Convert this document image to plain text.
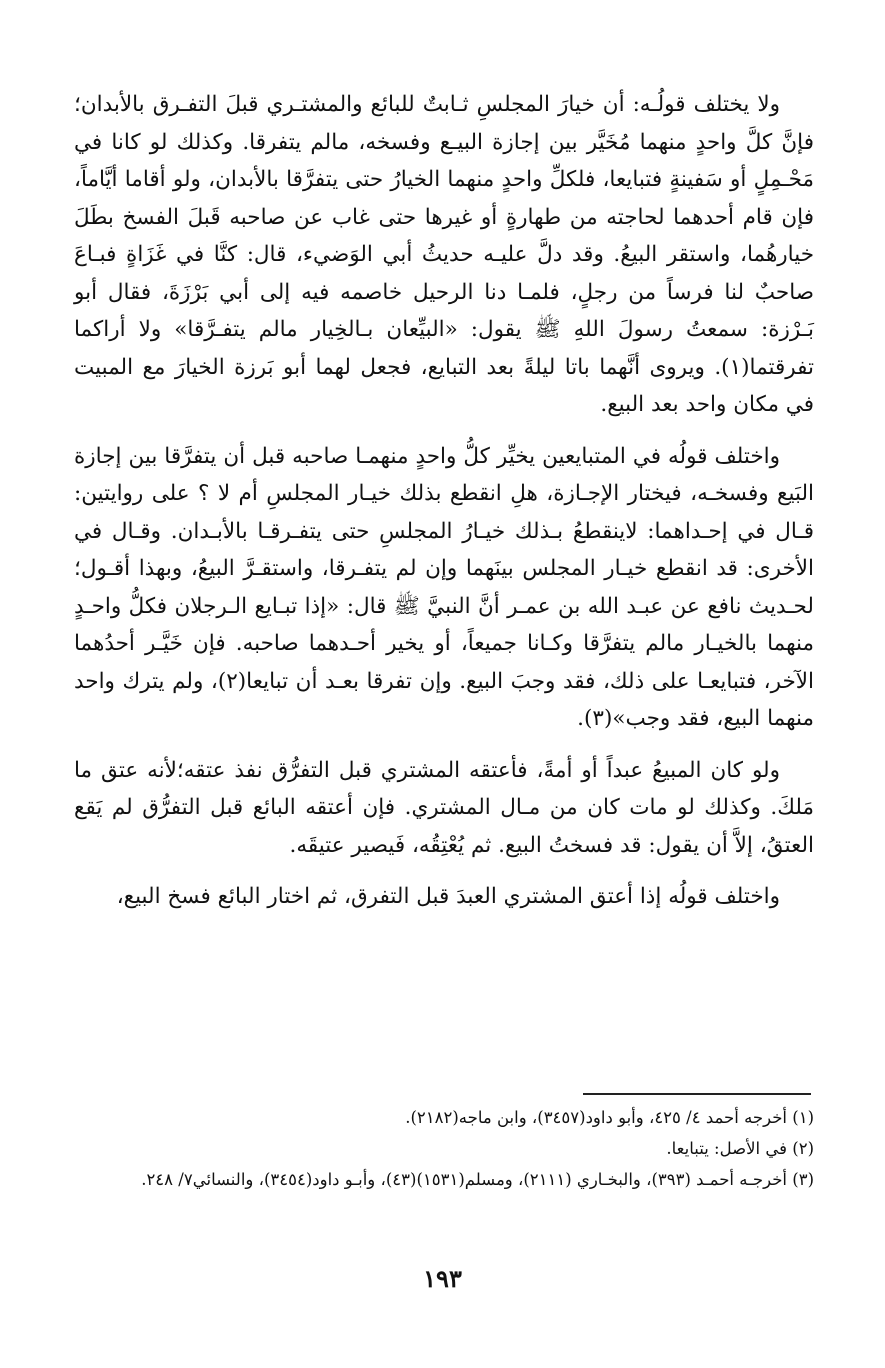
ولا يختلف قولُـه: أن خيارَ المجلسِ ثـابتٌ للبائع والمشتـري قبلَ التفـرق بالأبدان؛ فإنَّ كلَّ واحدٍ منهما مُخَيَّر بين إجازة البيـع وفسخه، مالم يتفرقا. وكذلك لو كانا في مَحْـمِلٍ أو سَفينةٍ فتبايعا، فلكلِّ واحدٍ منهما الخيارُ حتى يتفرَّقا بالأبدان، ولو أقاما أيَّاماً، فإن قام أحدهما لحاجته من طهارةٍ أو غيرها حتى غاب عن صاحبه قَبلَ الفسخ بطَلَ خيارهُما، واستقر البيعُ. وقد دلَّ عليـه حديثُ أبي الوَضيء، قال: كنَّا في غَزَاةٍ فبـاعَ صاحبٌ لنا فرساً من رجلٍ، فلمـا دنا الرحيل خاصمه فيه إلى أبي بَرْزَةَ، فقال أبو بَـرْزة: سمعتُ رسولَ اللهِ ﷺ يقول: «البيِّعان بـالخِيار مالم يتفـرَّقا» ولا أراكما تفرقتما(١). ويروى أنَّهما باتا ليلةً بعد التبايع، فجعل لهما أبو بَرزة الخيارَ مع المبيت في مكان واحد بعد البيع.

واختلف قولُه في المتبايعين يخيِّر كلُّ واحدٍ منهمـا صاحبه قبل أن يتفرَّقا بين إجازة البَيع وفسخـه، فيختار الإجـازة، هلِ انقطع بذلك خيـار المجلسِ أم لا ؟ على روايتين: قـال في إحـداهما: لاينقطعُ بـذلك خيـارُ المجلسِ حتى يتفـرقـا بالأبـدان. وقـال في الأخرى: قد انقطع خيـار المجلس بينَهما وإن لم يتفـرقا، واستقـرَّ البيعُ، وبهذا أقـول؛ لحـديث نافع عن عبـد الله بن عمـر أنَّ النبيَّ ﷺ قال: «إذا تبـايع الـرجلان فكلُّ واحـدٍ منهما بالخيـار مالم يتفرَّقا وكـانا جميعاً، أو يخير أحـدهما صاحبه. فإن خَيَّـر أحدُهما الآخر، فتبايعـا على ذلك، فقد وجبَ البيع. وإن تفرقا بعـد أن تبايعا(٢)، ولم يترك واحد منهما البيع، فقد وجب»(٣).

ولو كان المبيعُ عبداً أو أمةً، فأعتقه المشتري قبل التفرُّق نفذ عتقه؛لأنه عتق ما مَلكَ. وكذلك لو مات كان من مـال المشتري. فإن أعتقه البائع قبل التفرُّق لم يَقع العتقُ، إلاَّ أن يقول: قد فسختُ البيع. ثم يُعْتِقُه، فَيصير عتيقَه.

واختلف قولُه إذا أعتق المشتري العبدَ قبل التفرق، ثم اختار البائع فسخ البيع،

(١) أخرجه أحمد ٤/ ٤٢٥، وأبو داود(٣٤٥٧)، وابن ماجه(٢١٨٢).
(٢) في الأصل: يتبايعا.
(٣) أخرجـه أحمـد (٣٩٣)، والبخـاري (٢١١١)، ومسلم(١٥٣١)(٤٣)، وأبـو داود(٣٤٥٤)، والنسائي٧/ ٢٤٨.
١٩٣
